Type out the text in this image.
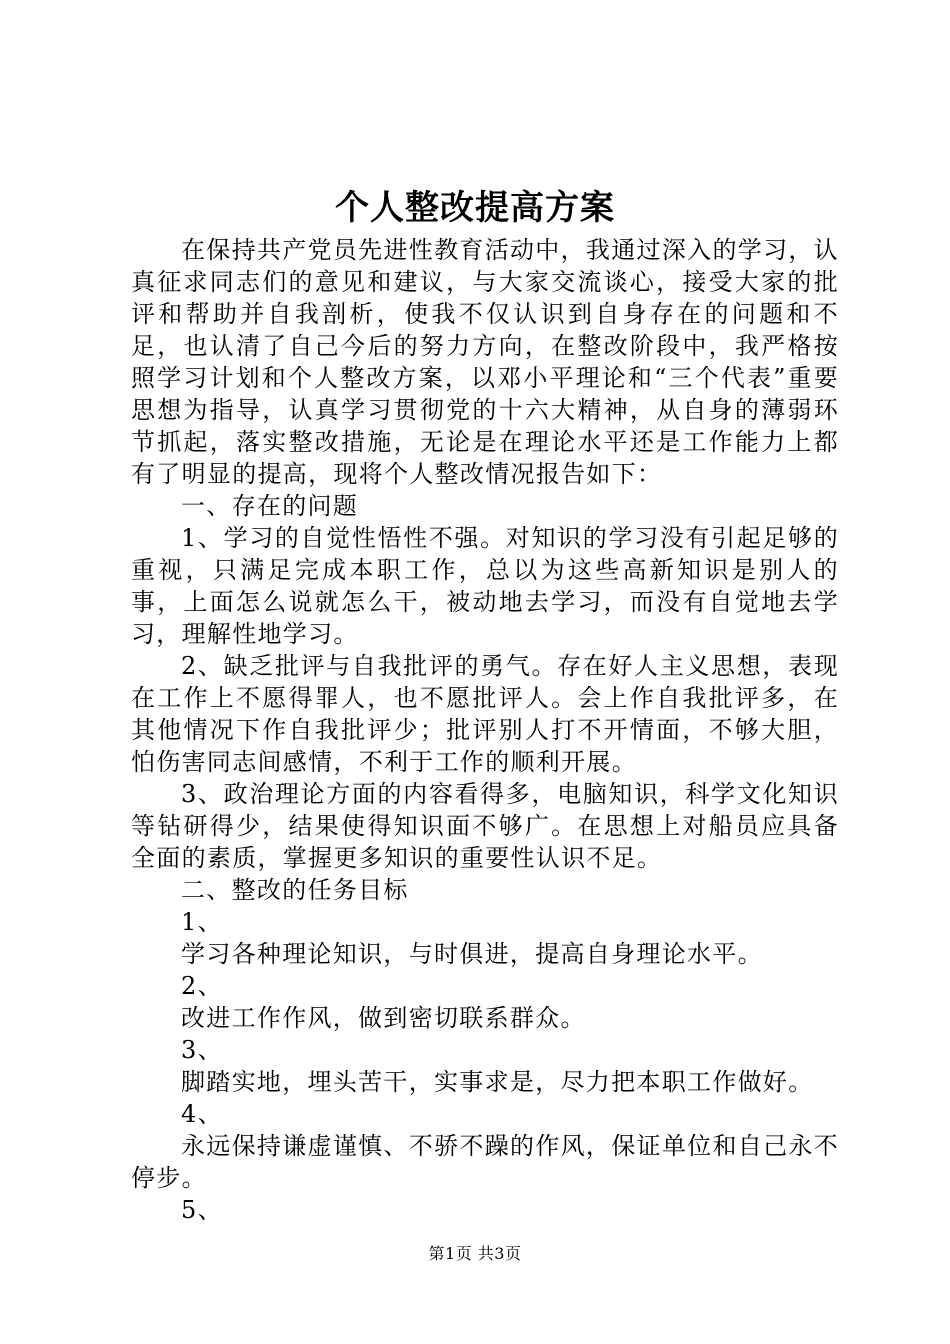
个人整改提高方案

在保持共产党员先进性教育活动中，我通过深入的学习，认真征求同志们的意见和建议，与大家交流谈心，接受大家的批评和帮助并自我剖析，使我不仅认识到自身存在的问题和不足，也认清了自己今后的努力方向，在整改阶段中，我严格按照学习计划和个人整改方案，以邓小平理论和“三个代表”重要思想为指导，认真学习贯彻党的十六大精神，从自身的薄弱环节抓起，落实整改措施，无论是在理论水平还是工作能力上都有了明显的提高，现将个人整改情况报告如下：

一、存在的问题

1、学习的自觉性悟性不强。对知识的学习没有引起足够的重视，只满足完成本职工作，总以为这些高新知识是别人的事，上面怎么说就怎么干，被动地去学习，而没有自觉地去学习，理解性地学习。

2、缺乏批评与自我批评的勇气。存在好人主义思想，表现在工作上不愿得罪人，也不愿批评人。会上作自我批评多，在其他情况下作自我批评少；批评别人打不开情面，不够大胆，怕伤害同志间感情，不利于工作的顺利开展。

3、政治理论方面的内容看得多，电脑知识，科学文化知识等钻研得少，结果使得知识面不够广。在思想上对船员应具备全面的素质，掌握更多知识的重要性认识不足。

二、整改的任务目标

1、

学习各种理论知识，与时俱进，提高自身理论水平。

2、

改进工作作风，做到密切联系群众。

3、

脚踏实地，埋头苦干，实事求是，尽力把本职工作做好。

4、

永远保持谦虚谨慎、不骄不躁的作风，保证单位和自己永不停步。

5、

第1页 共3页
